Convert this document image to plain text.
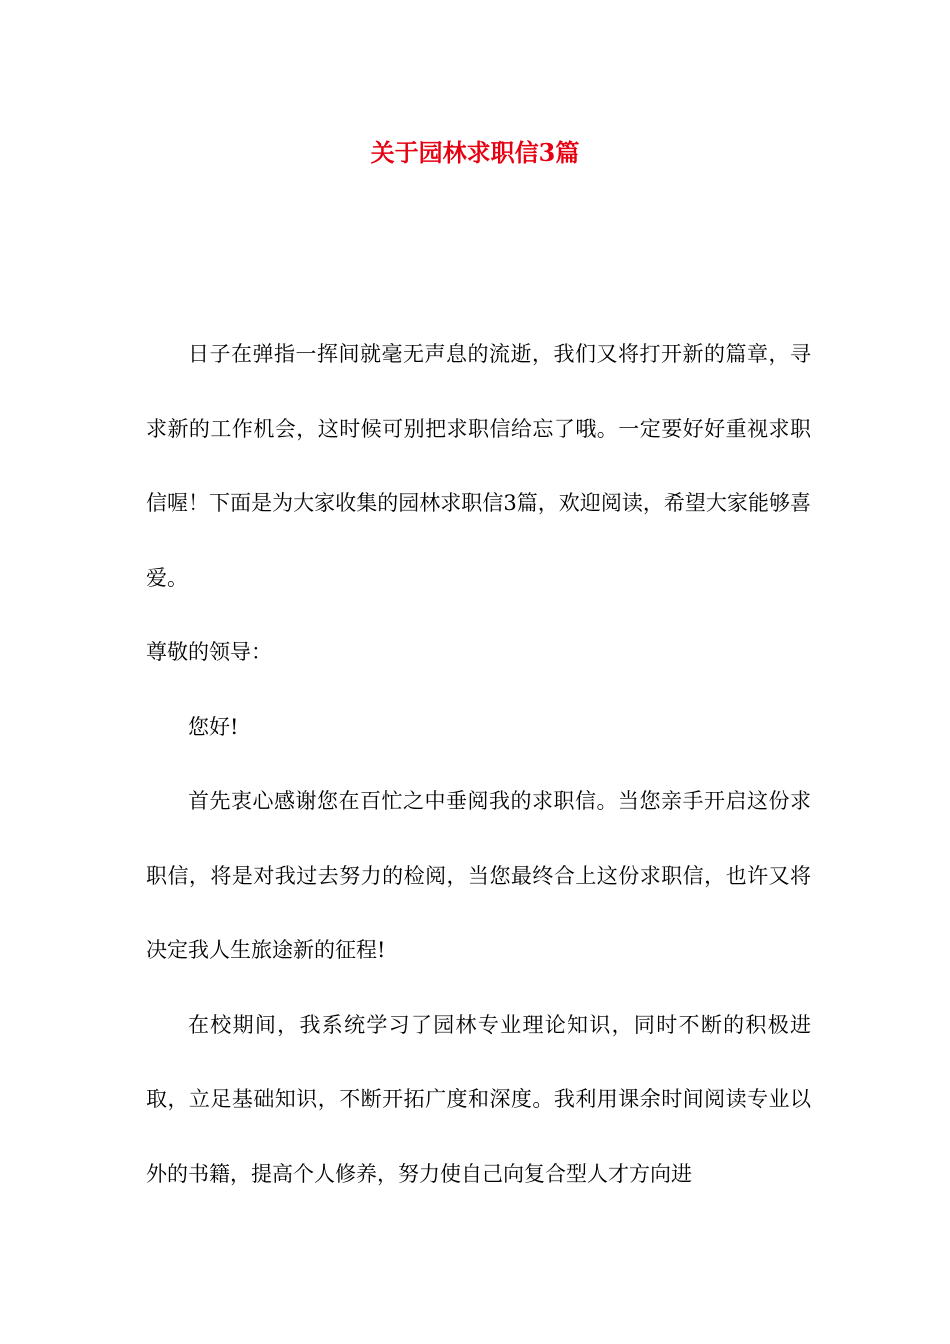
关于园林求职信3篇

日子在弹指一挥间就毫无声息的流逝，我们又将打开新的篇章，寻求新的工作机会，这时候可别把求职信给忘了哦。一定要好好重视求职信喔！下面是为大家收集的园林求职信3篇，欢迎阅读，希望大家能够喜爱。

尊敬的领导：

您好!

首先衷心感谢您在百忙之中垂阅我的求职信。当您亲手开启这份求职信，将是对我过去努力的检阅，当您最终合上这份求职信，也许又将决定我人生旅途新的征程!

在校期间，我系统学习了园林专业理论知识，同时不断的积极进取，立足基础知识，不断开拓广度和深度。我利用课余时间阅读专业以外的书籍，提高个人修养，努力使自己向复合型人才方向进
